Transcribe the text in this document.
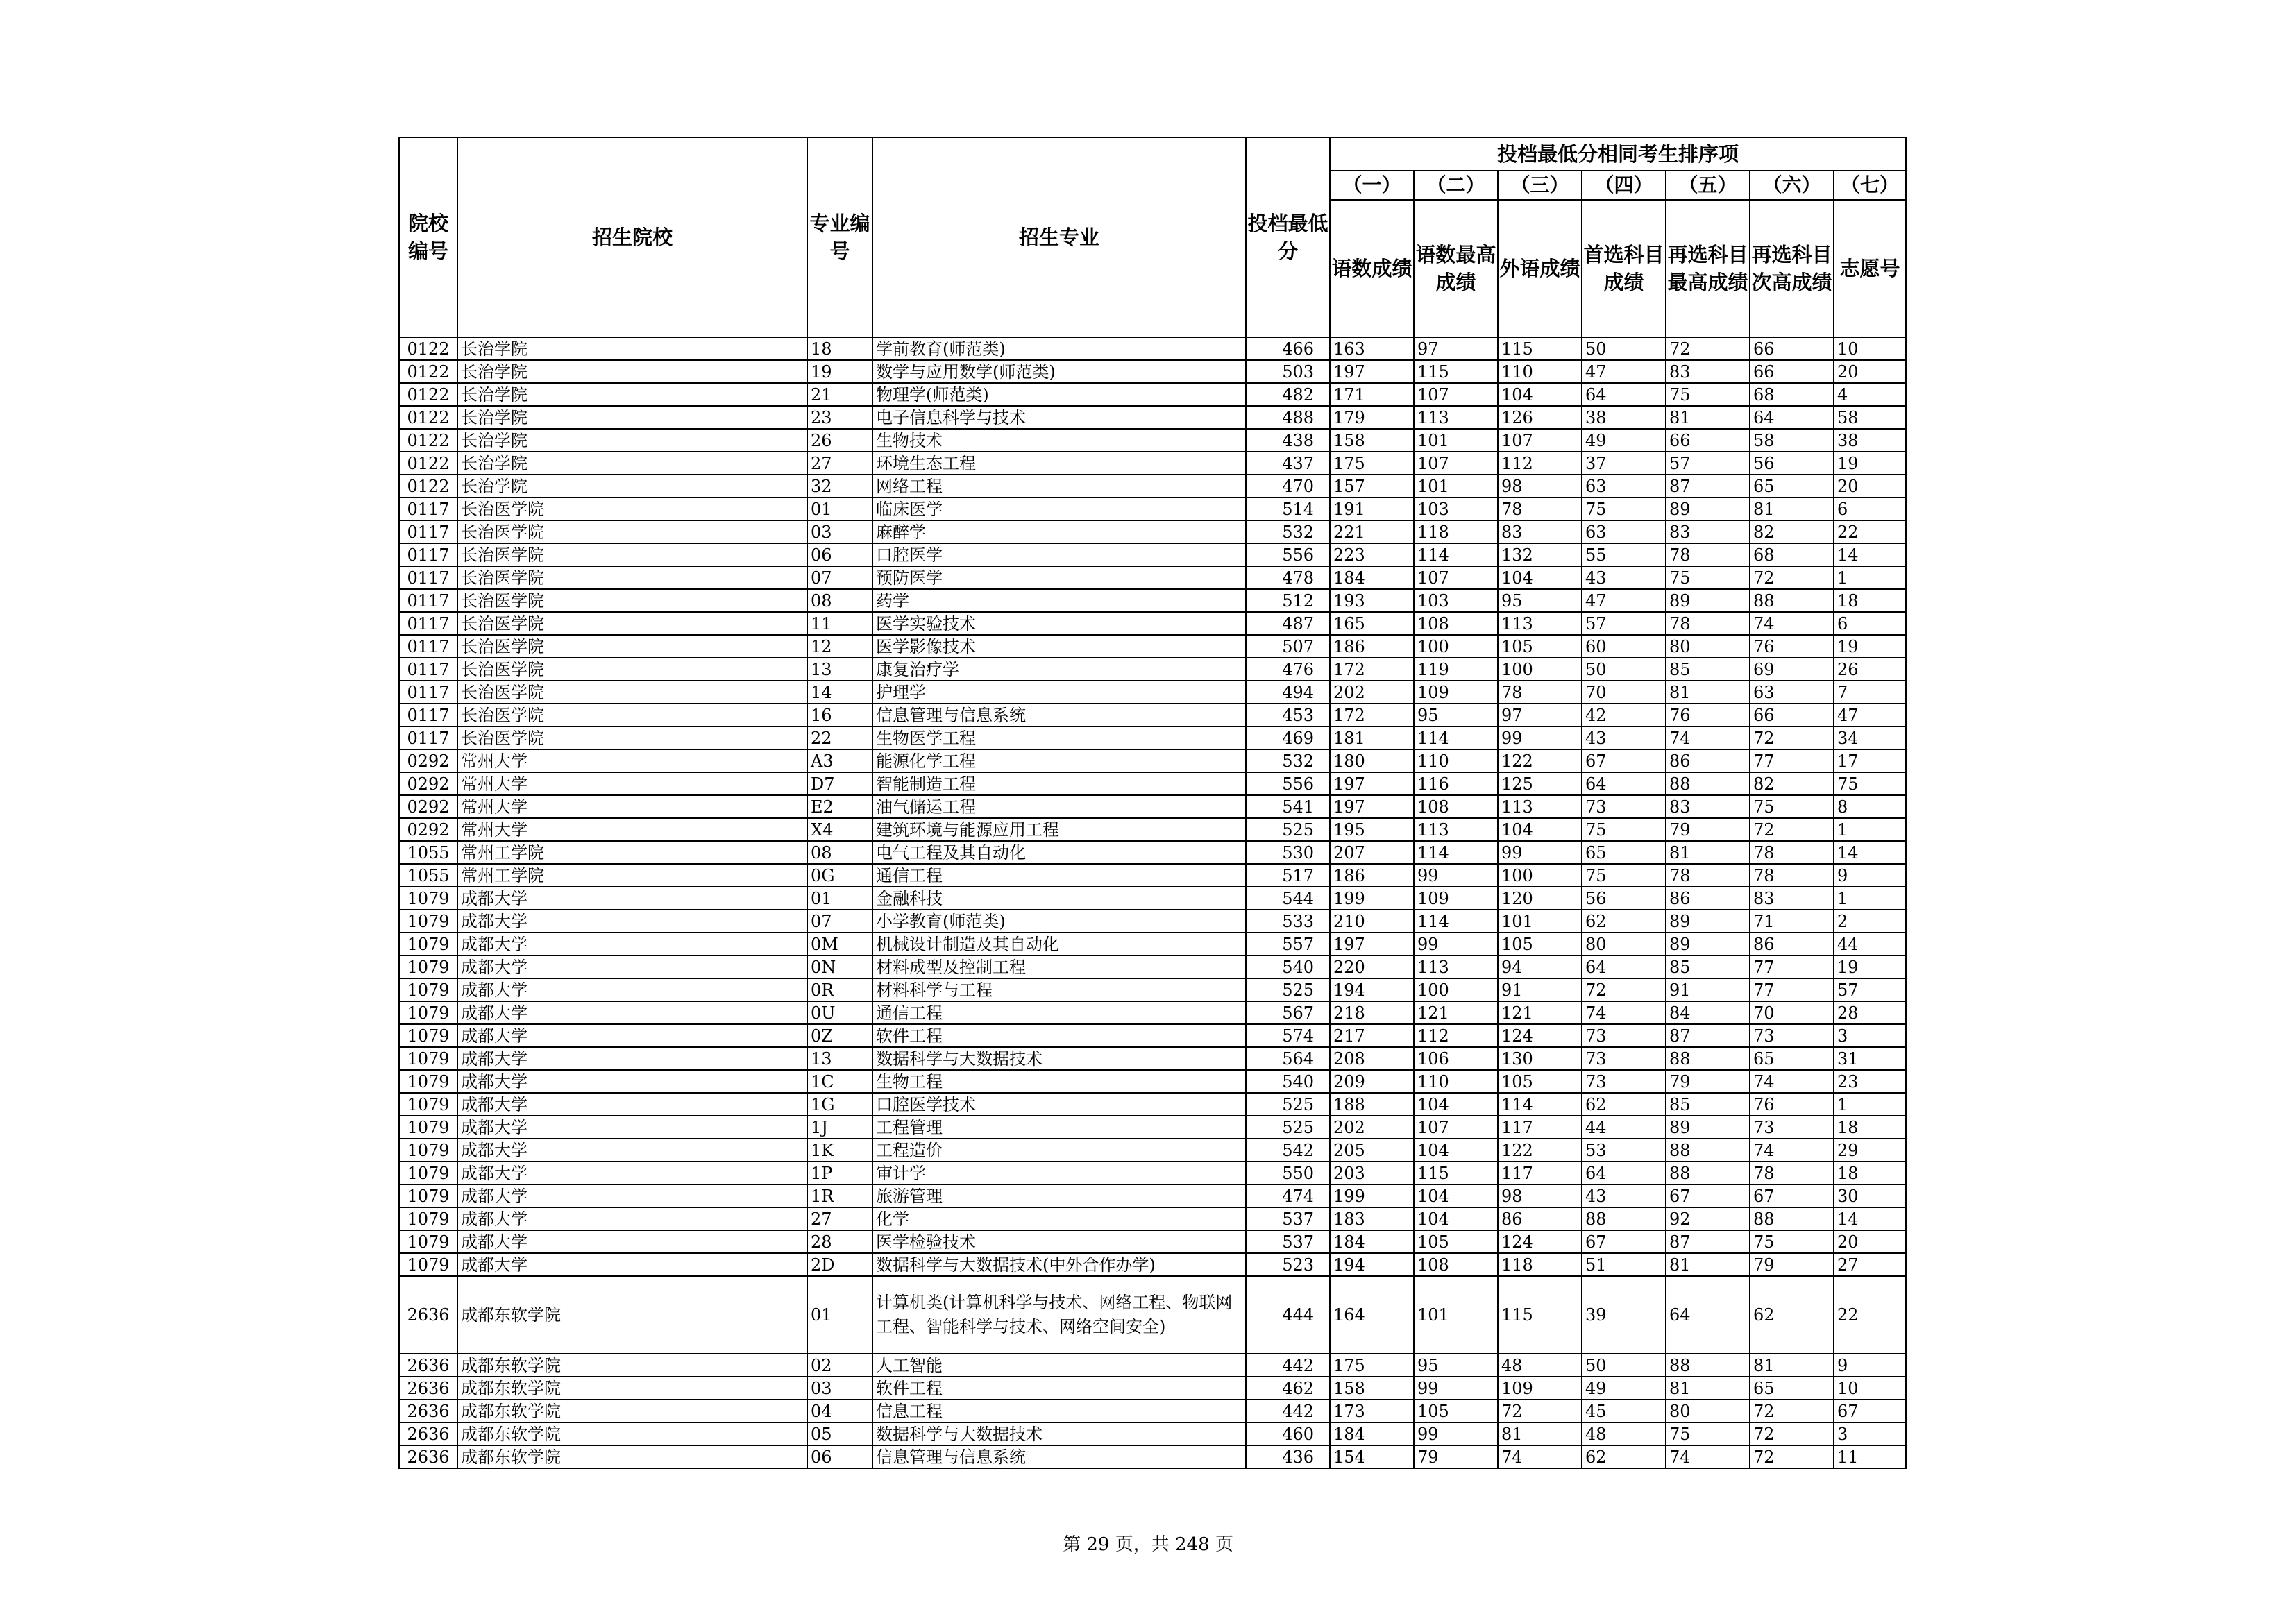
院校编号	招生院校	专业编号	招生专业	投档最低分	投档最低分相同考生排序项						
					（一）	（二）	（三）	（四）	（五）	（六）	（七）
					语数成绩	语数最高成绩	外语成绩	首选科目成绩	再选科目最高成绩	再选科目次高成绩	志愿号
0122	长治学院	18	学前教育(师范类)	466	163	97	115	50	72	66	10
0122	长治学院	19	数学与应用数学(师范类)	503	197	115	110	47	83	66	20
0122	长治学院	21	物理学(师范类)	482	171	107	104	64	75	68	4
0122	长治学院	23	电子信息科学与技术	488	179	113	126	38	81	64	58
0122	长治学院	26	生物技术	438	158	101	107	49	66	58	38
0122	长治学院	27	环境生态工程	437	175	107	112	37	57	56	19
0122	长治学院	32	网络工程	470	157	101	98	63	87	65	20
0117	长治医学院	01	临床医学	514	191	103	78	75	89	81	6
0117	长治医学院	03	麻醉学	532	221	118	83	63	83	82	22
0117	长治医学院	06	口腔医学	556	223	114	132	55	78	68	14
0117	长治医学院	07	预防医学	478	184	107	104	43	75	72	1
0117	长治医学院	08	药学	512	193	103	95	47	89	88	18
0117	长治医学院	11	医学实验技术	487	165	108	113	57	78	74	6
0117	长治医学院	12	医学影像技术	507	186	100	105	60	80	76	19
0117	长治医学院	13	康复治疗学	476	172	119	100	50	85	69	26
0117	长治医学院	14	护理学	494	202	109	78	70	81	63	7
0117	长治医学院	16	信息管理与信息系统	453	172	95	97	42	76	66	47
0117	长治医学院	22	生物医学工程	469	181	114	99	43	74	72	34
0292	常州大学	A3	能源化学工程	532	180	110	122	67	86	77	17
0292	常州大学	D7	智能制造工程	556	197	116	125	64	88	82	75
0292	常州大学	E2	油气储运工程	541	197	108	113	73	83	75	8
0292	常州大学	X4	建筑环境与能源应用工程	525	195	113	104	75	79	72	1
1055	常州工学院	08	电气工程及其自动化	530	207	114	99	65	81	78	14
1055	常州工学院	0G	通信工程	517	186	99	100	75	78	78	9
1079	成都大学	01	金融科技	544	199	109	120	56	86	83	1
1079	成都大学	07	小学教育(师范类)	533	210	114	101	62	89	71	2
1079	成都大学	0M	机械设计制造及其自动化	557	197	99	105	80	89	86	44
1079	成都大学	0N	材料成型及控制工程	540	220	113	94	64	85	77	19
1079	成都大学	0R	材料科学与工程	525	194	100	91	72	91	77	57
1079	成都大学	0U	通信工程	567	218	121	121	74	84	70	28
1079	成都大学	0Z	软件工程	574	217	112	124	73	87	73	3
1079	成都大学	13	数据科学与大数据技术	564	208	106	130	73	88	65	31
1079	成都大学	1C	生物工程	540	209	110	105	73	79	74	23
1079	成都大学	1G	口腔医学技术	525	188	104	114	62	85	76	1
1079	成都大学	1J	工程管理	525	202	107	117	44	89	73	18
1079	成都大学	1K	工程造价	542	205	104	122	53	88	74	29
1079	成都大学	1P	审计学	550	203	115	117	64	88	78	18
1079	成都大学	1R	旅游管理	474	199	104	98	43	67	67	30
1079	成都大学	27	化学	537	183	104	86	88	92	88	14
1079	成都大学	28	医学检验技术	537	184	105	124	67	87	75	20
1079	成都大学	2D	数据科学与大数据技术(中外合作办学)	523	194	108	118	51	81	79	27
2636	成都东软学院	01	计算机类(计算机科学与技术、网络工程、物联网工程、智能科学与技术、网络空间安全)	444	164	101	115	39	64	62	22
2636	成都东软学院	02	人工智能	442	175	95	48	50	88	81	9
2636	成都东软学院	03	软件工程	462	158	99	109	49	81	65	10
2636	成都东软学院	04	信息工程	442	173	105	72	45	80	72	67
2636	成都东软学院	05	数据科学与大数据技术	460	184	99	81	48	75	72	3
2636	成都东软学院	06	信息管理与信息系统	436	154	79	74	62	74	72	11
第 29 页，共 248 页
